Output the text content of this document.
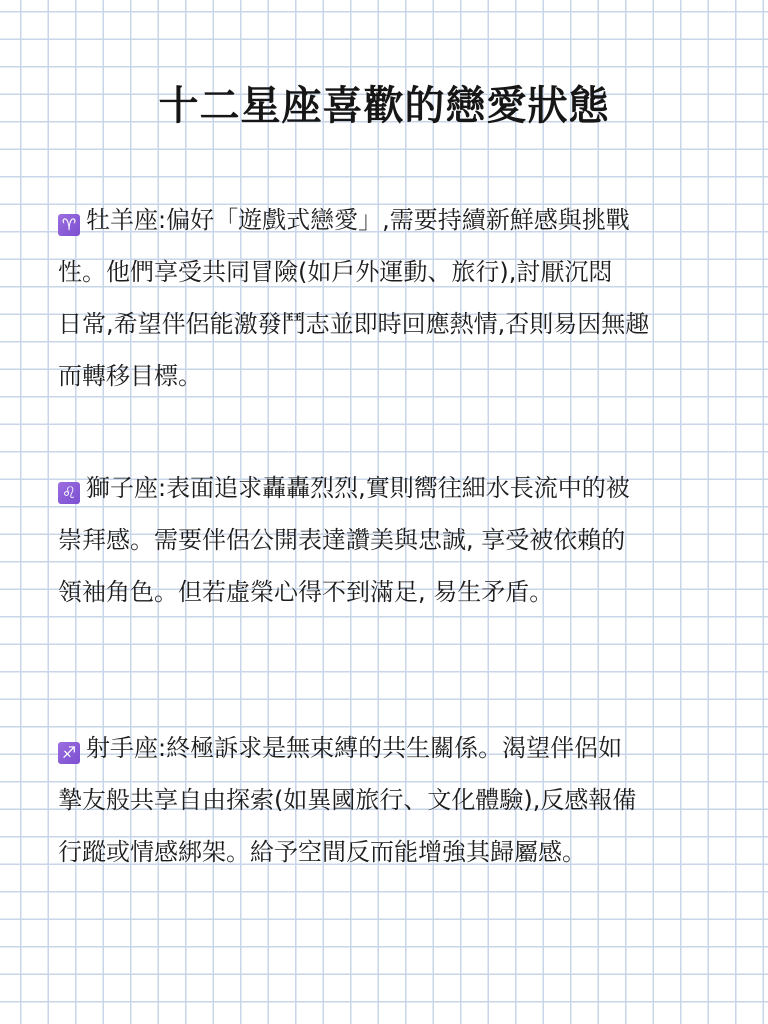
十二星座喜歡的戀愛狀態
♈ 牡羊座:偏好「遊戲式戀愛」,需要持續新鮮感與挑戰
性。他們享受共同冒險(如戶外運動、旅行),討厭沉悶
日常,希望伴侶能激發鬥志並即時回應熱情,否則易因無趣
而轉移目標。
♌ 獅子座:表面追求轟轟烈烈,實則嚮往細水長流中的被
崇拜感。需要伴侶公開表達讚美與忠誠, 享受被依賴的
領袖角色。但若虛榮心得不到滿足, 易生矛盾。
♐ 射手座:終極訴求是無束縛的共生關係。渴望伴侶如
摯友般共享自由探索(如異國旅行、文化體驗),反感報備
行蹤或情感綁架。給予空間反而能增強其歸屬感。
